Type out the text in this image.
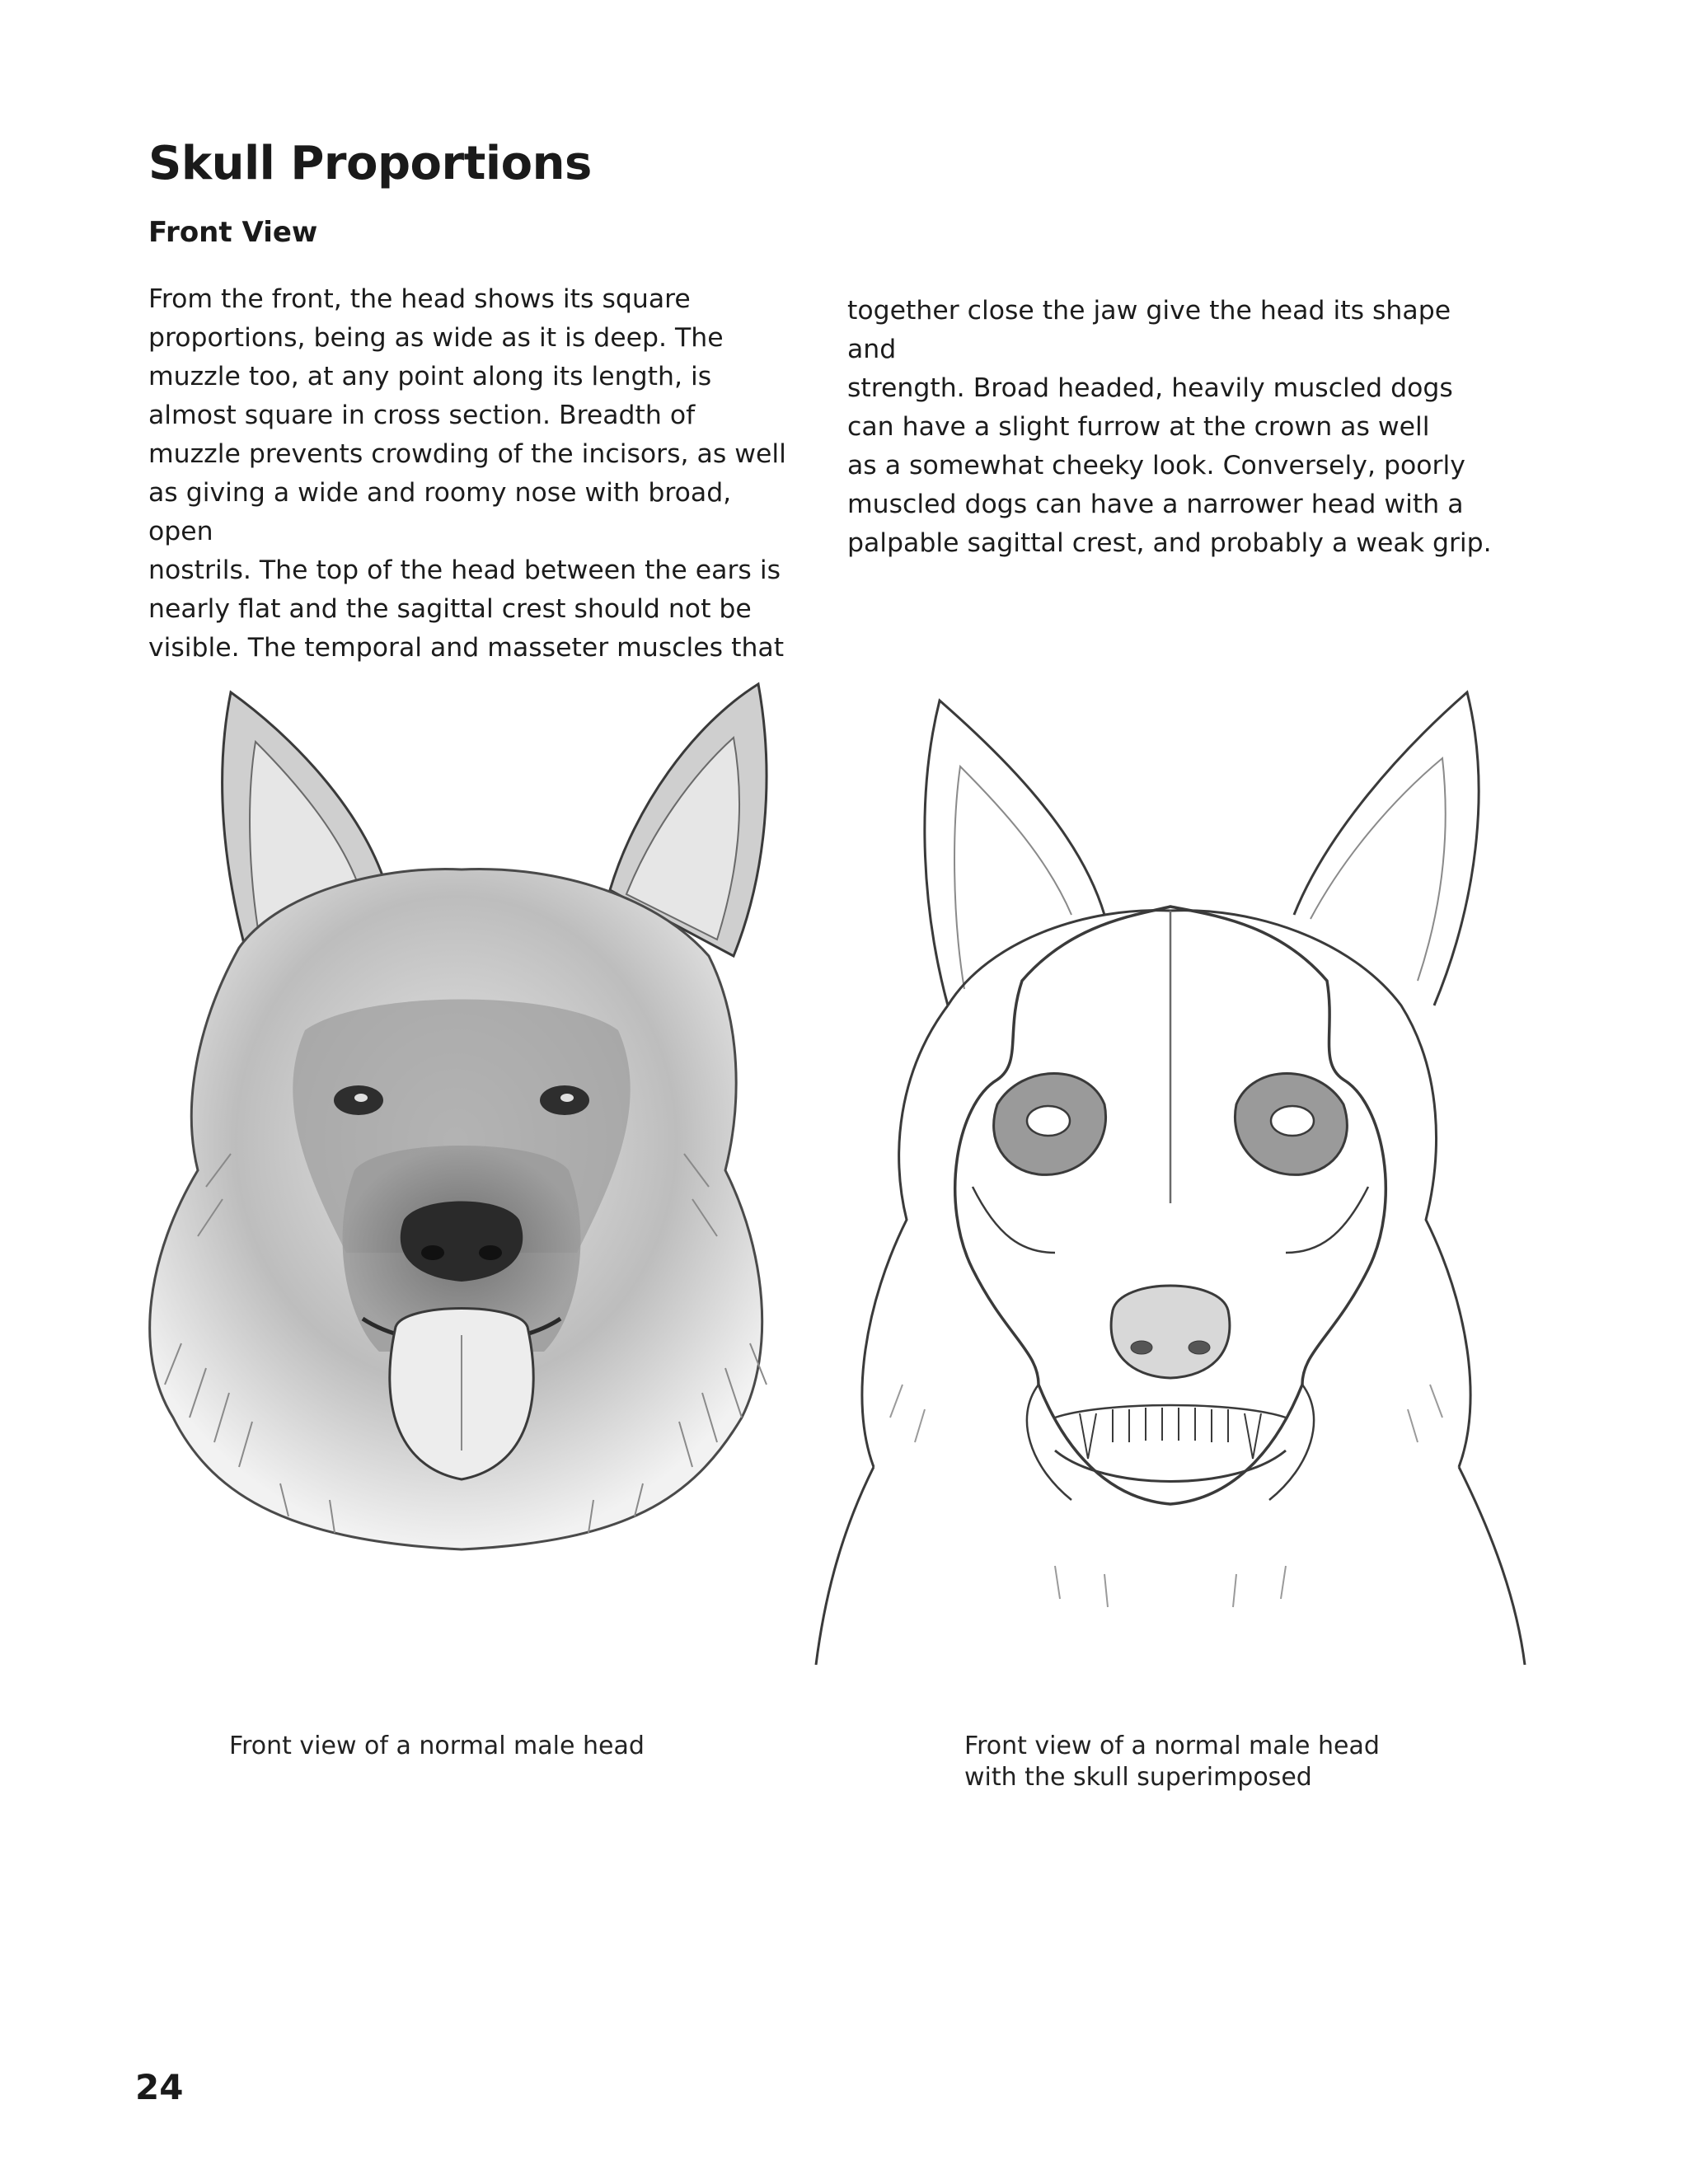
Skull Proportions
Front View

From the front, the head shows its square
proportions, being as wide as it is deep. The
muzzle too, at any point along its length, is
almost square in cross section. Breadth of
muzzle prevents crowding of the incisors, as well
as giving a wide and roomy nose with broad, open
nostrils. The top of the head between the ears is
nearly flat and the sagittal crest should not be
visible. The temporal and masseter muscles that

together close the jaw give the head its shape and
strength. Broad headed, heavily muscled dogs
can have a slight furrow at the crown as well
as a somewhat cheeky look. Conversely, poorly
muscled dogs can have a narrower head with a
palpable sagittal crest, and probably a weak grip.

Front view of a normal male head	Front view of a normal male head
with the skull superimposed

24
